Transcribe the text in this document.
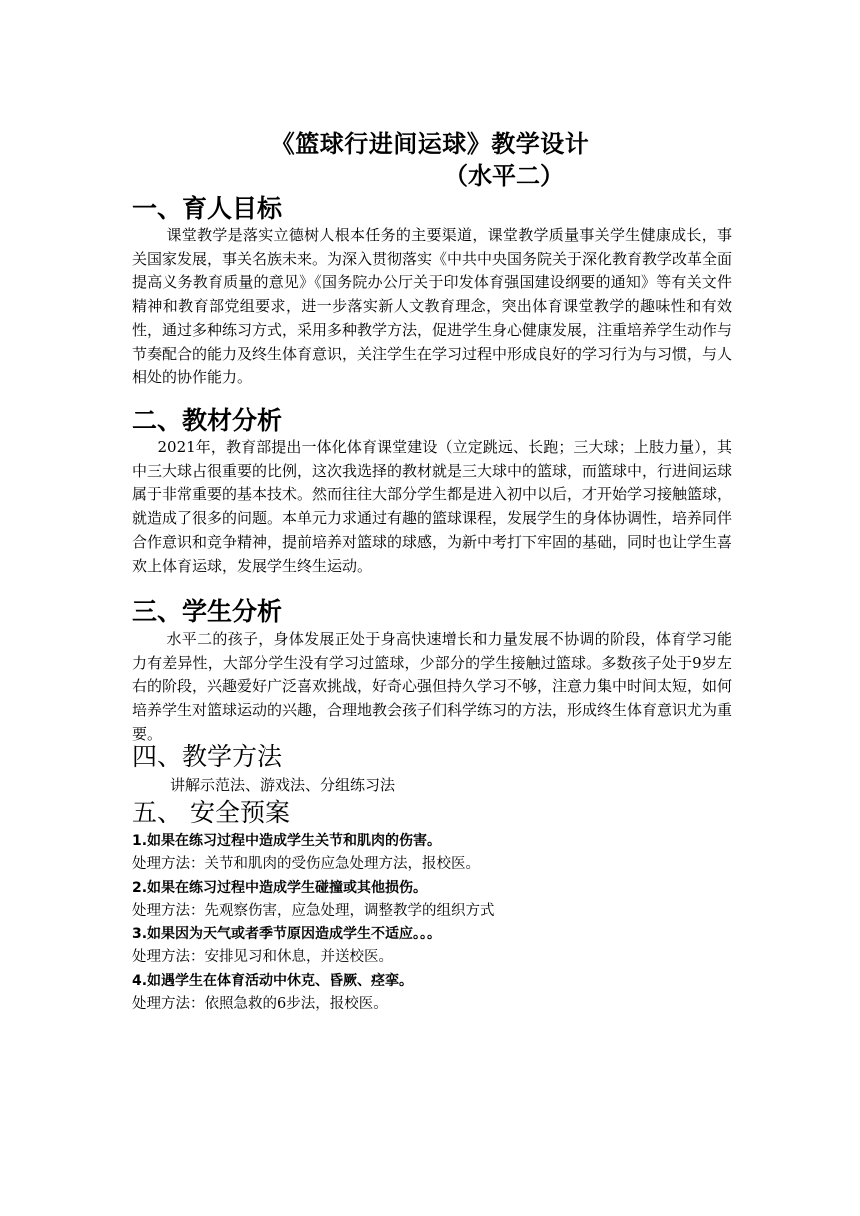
《篮球行进间运球》教学设计
（水平二）
一、育人目标

课堂教学是落实立德树人根本任务的主要渠道，课堂教学质量事关学生健康成长，事关国家发展，事关名族未来。为深入贯彻落实《中共中央国务院关于深化教育教学改革全面提高义务教育质量的意见》《国务院办公厅关于印发体育强国建设纲要的通知》等有关文件精神和教育部党组要求，进一步落实新人文教育理念，突出体育课堂教学的趣味性和有效性，通过多种练习方式，采用多种教学方法，促进学生身心健康发展，注重培养学生动作与节奏配合的能力及终生体育意识，关注学生在学习过程中形成良好的学习行为与习惯，与人相处的协作能力。

二、教材分析

2021年，教育部提出一体化体育课堂建设（立定跳远、长跑；三大球；上肢力量），其中三大球占很重要的比例，这次我选择的教材就是三大球中的篮球，而篮球中，行进间运球属于非常重要的基本技术。然而往往大部分学生都是进入初中以后，才开始学习接触篮球，就造成了很多的问题。本单元力求通过有趣的篮球课程，发展学生的身体协调性，培养同伴合作意识和竞争精神，提前培养对篮球的球感，为新中考打下牢固的基础，同时也让学生喜欢上体育运球，发展学生终生运动。

三、学生分析

水平二的孩子，身体发展正处于身高快速增长和力量发展不协调的阶段，体育学习能力有差异性，大部分学生没有学习过篮球，少部分的学生接触过篮球。多数孩子处于9岁左右的阶段，兴趣爱好广泛喜欢挑战，好奇心强但持久学习不够，注意力集中时间太短，如何培养学生对篮球运动的兴趣，合理地教会孩子们科学练习的方法，形成终生体育意识尤为重要。

四、教学方法
讲解示范法、游戏法、分组练习法
五、 安全预案
1.如果在练习过程中造成学生关节和肌肉的伤害。
处理方法：关节和肌肉的受伤应急处理方法，报校医。
2.如果在练习过程中造成学生碰撞或其他损伤。
处理方法：先观察伤害，应急处理，调整教学的组织方式
3.如果因为天气或者季节原因造成学生不适应。。。
处理方法：安排见习和休息，并送校医。
4.如遇学生在体育活动中休克、昏厥、痉挛。
处理方法：依照急救的6步法，报校医。
